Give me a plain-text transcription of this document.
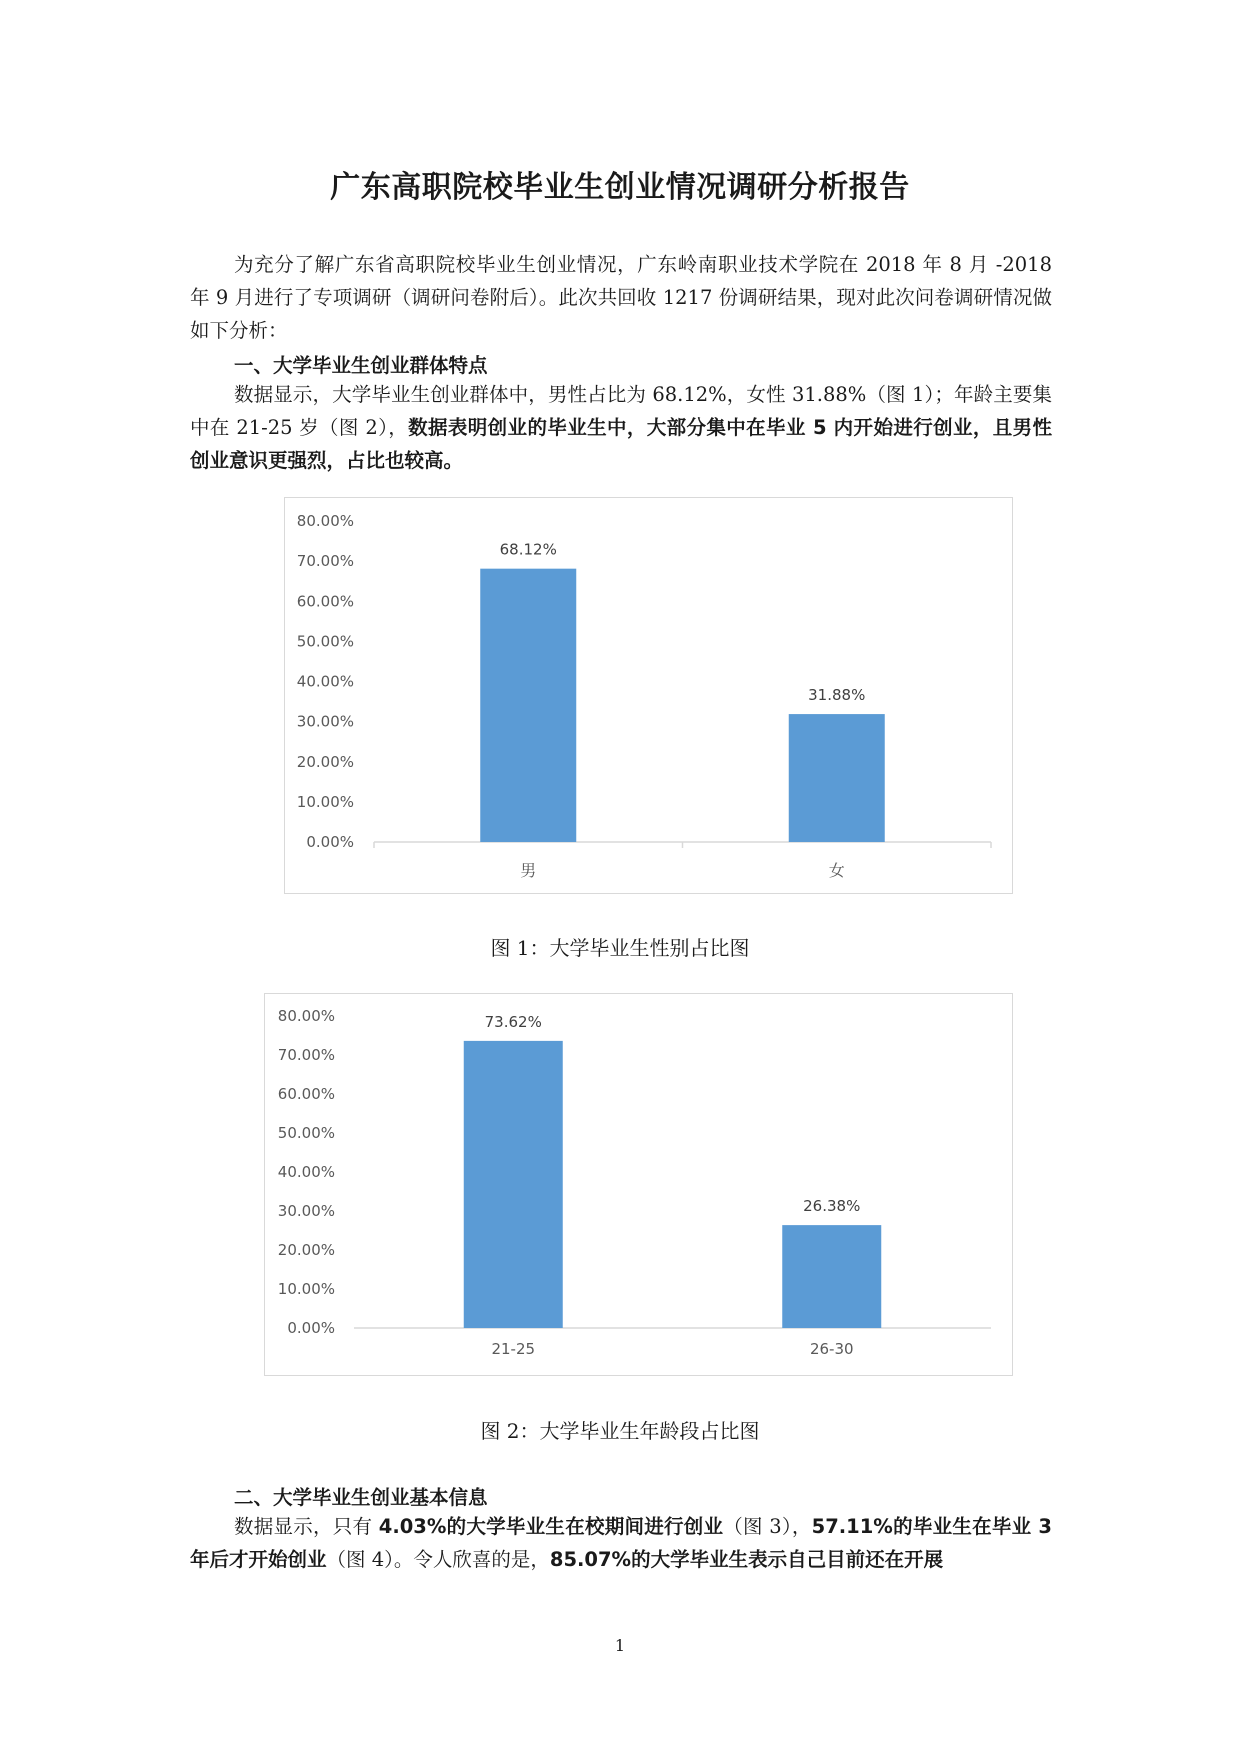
广东高职院校毕业生创业情况调研分析报告

为充分了解广东省高职院校毕业生创业情况，广东岭南职业技术学院在 2018 年 8 月 -2018 年 9 月进行了专项调研（调研问卷附后）。此次共回收 1217 份调研结果，现对此次问卷调研情况做如下分析：

一、大学毕业生创业群体特点

数据显示，大学毕业生创业群体中，男性占比为 68.12%，女性 31.88%（图 1）；年龄主要集中在 21-25 岁（图 2），数据表明创业的毕业生中，大部分集中在毕业 5 内开始进行创业，且男性创业意识更强烈，占比也较高。

0.00%
10.00%
20.00%
30.00%
40.00%
50.00%
60.00%
70.00%
80.00%
68.12%
男
31.88%
女
图 1：大学毕业生性别占比图
0.00%
10.00%
20.00%
30.00%
40.00%
50.00%
60.00%
70.00%
80.00%	73.62%
21-25
26.38%
26-30
图 2：大学毕业生年龄段占比图
二、大学毕业生创业基本信息

数据显示，只有 4.03%的大学毕业生在校期间进行创业（图 3），57.11%的毕业生在毕业 3 年后才开始创业（图 4）。令人欣喜的是，85.07%的大学毕业生表示自己目前还在开展

1
